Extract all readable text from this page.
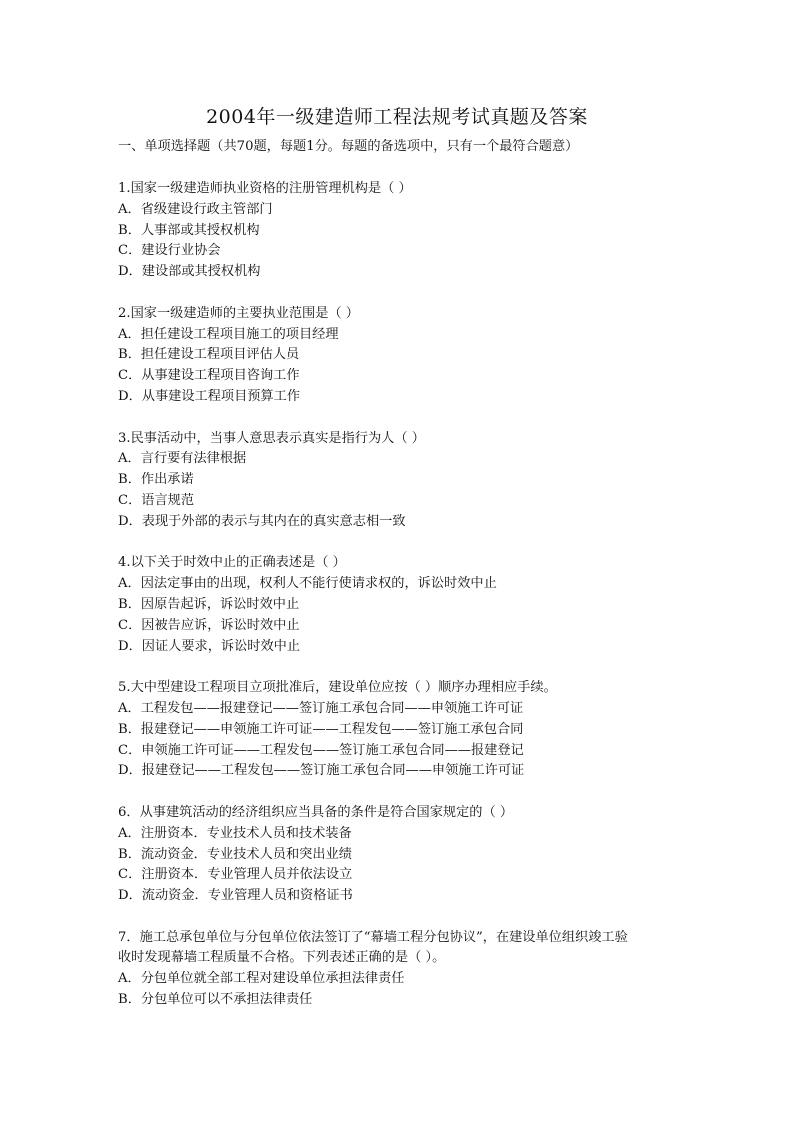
2004年一级建造师工程法规考试真题及答案
一、单项选择题（共70题，每题1分。每题的备选项中，只有一个最符合题意）
1.国家一级建造师执业资格的注册管理机构是（ ）
A．省级建设行政主管部门
B．人事部或其授权机构
C．建设行业协会
D．建设部或其授权机构
2.国家一级建造师的主要执业范围是（ ）
A．担任建设工程项目施工的项目经理
B．担任建设工程项目评估人员
C．从事建设工程项目咨询工作
D．从事建设工程项目预算工作
3.民事活动中，当事人意思表示真实是指行为人（ ）
A．言行要有法律根据
B．作出承诺
C．语言规范
D．表现于外部的表示与其内在的真实意志相一致
4.以下关于时效中止的正确表述是（ ）
A．因法定事由的出现，权利人不能行使请求权的，诉讼时效中止
B．因原告起诉，诉讼时效中止
C．因被告应诉，诉讼时效中止
D．因证人要求，诉讼时效中止
5.大中型建设工程项目立项批准后，建设单位应按（ ）顺序办理相应手续。
A．工程发包——报建登记——签订施工承包合同——申领施工许可证
B．报建登记——申领施工许可证——工程发包——签订施工承包合同
C．申领施工许可证——工程发包——签订施工承包合同——报建登记
D．报建登记——工程发包——签订施工承包合同——申领施工许可证
6．从事建筑活动的经济组织应当具备的条件是符合国家规定的（ ）
A．注册资本．专业技术人员和技术装备
B．流动资金．专业技术人员和突出业绩
C．注册资本．专业管理人员并依法设立
D．流动资金．专业管理人员和资格证书
7．施工总承包单位与分包单位依法签订了“幕墙工程分包协议”，在建设单位组织竣工验
收时发现幕墙工程质量不合格。下列表述正确的是（ ）。
A．分包单位就全部工程对建设单位承担法律责任
B．分包单位可以不承担法律责任
